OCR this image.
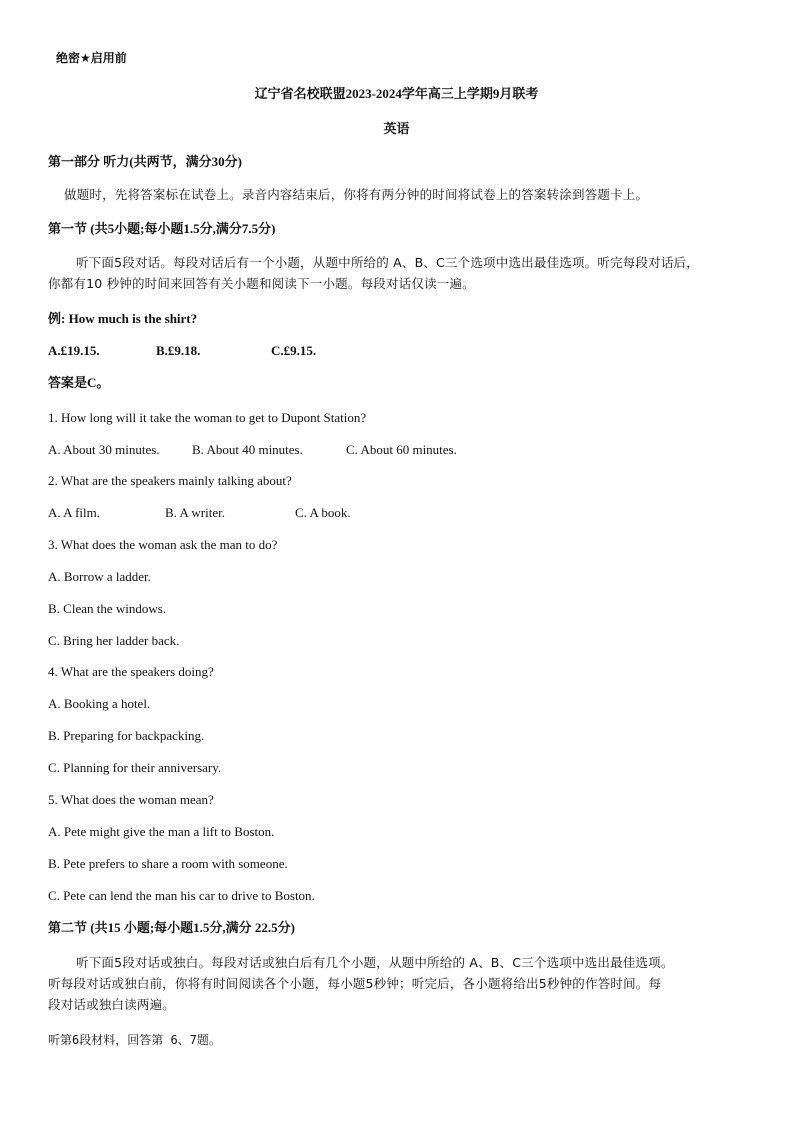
绝密★启用前
辽宁省名校联盟2023-2024学年高三上学期9月联考
英语
第一部分 听力(共两节，满分30分)
做题时，先将答案标在试卷上。录音内容结束后，你将有两分钟的时间将试卷上的答案转涂到答题卡上。
第一节 (共5小题;每小题1.5分,满分7.5分)
听下面5段对话。每段对话后有一个小题，从题中所给的 A、B、C三个选项中选出最佳选项。听完每段对话后，
你都有10 秒钟的时间来回答有关小题和阅读下一小题。每段对话仅读一遍。
例: How much is the shirt?
A.£19.15.	B.£9.18.	C.£9.15.
答案是C。
1. How long will it take the woman to get to Dupont Station?
A. About 30 minutes. B. About 40 minutes.	C. About 60 minutes.
2. What are the speakers mainly talking about?
A. A film.	B. A writer.	C. A book.
3. What does the woman ask the man to do?
A. Borrow a ladder.
B. Clean the windows.
C. Bring her ladder back.
4. What are the speakers doing?
A. Booking a hotel.
B. Preparing for backpacking.
C. Planning for their anniversary.
5. What does the woman mean?
A. Pete might give the man a lift to Boston.
B. Pete prefers to share a room with someone.
C. Pete can lend the man his car to drive to Boston.
第二节 (共15 小题;每小题1.5分,满分 22.5分)
听下面5段对话或独白。每段对话或独白后有几个小题，从题中所给的 A、B、C三个选项中选出最佳选项。
听每段对话或独白前，你将有时间阅读各个小题，每小题5秒钟；听完后，各小题将给出5秒钟的作答时间。每
段对话或独白读两遍。
听第6段材料，回答第 6、7题。
